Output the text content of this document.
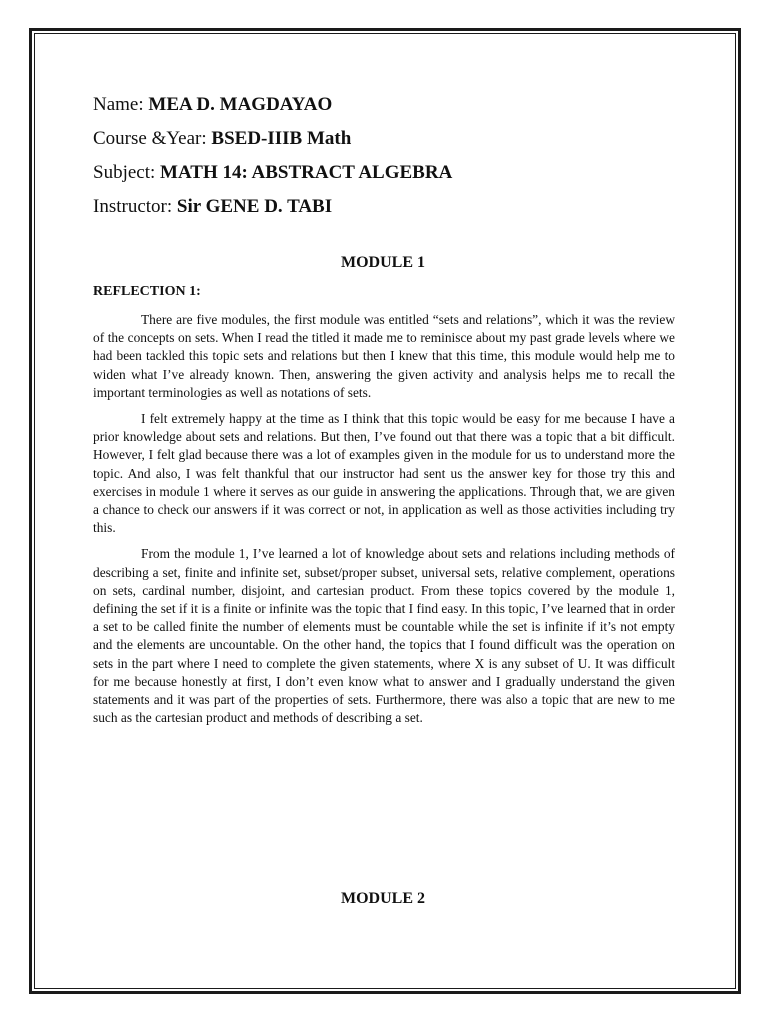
Name: MEA D. MAGDAYAO
Course &Year: BSED-IIIB Math
Subject: MATH 14: ABSTRACT ALGEBRA
Instructor: Sir GENE D. TABI
MODULE 1
REFLECTION 1:

There are five modules, the first module was entitled “sets and relations”, which it was the review of the concepts on sets. When I read the titled it made me to reminisce about my past grade levels where we had been tackled this topic sets and relations but then I knew that this time, this module would help me to widen what I’ve already known. Then, answering the given activity and analysis helps me to recall the important terminologies as well as notations of sets.

I felt extremely happy at the time as I think that this topic would be easy for me because I have a prior knowledge about sets and relations. But then, I’ve found out that there was a topic that a bit difficult. However, I felt glad because there was a lot of examples given in the module for us to understand more the topic. And also, I was felt thankful that our instructor had sent us the answer key for those try this and exercises in module 1 where it serves as our guide in answering the applications. Through that, we are given a chance to check our answers if it was correct or not, in application as well as those activities including try this.

From the module 1, I’ve learned a lot of knowledge about sets and relations including methods of describing a set, finite and infinite set, subset/proper subset, universal sets, relative complement, operations on sets, cardinal number, disjoint, and cartesian product. From these topics covered by the module 1, defining the set if it is a finite or infinite was the topic that I find easy. In this topic, I’ve learned that in order a set to be called finite the number of elements must be countable while the set is infinite if it’s not empty and the elements are uncountable. On the other hand, the topics that I found difficult was the operation on sets in the part where I need to complete the given statements, where X is any subset of U. It was difficult for me because honestly at first, I don’t even know what to answer and I gradually understand the given statements and it was part of the properties of sets. Furthermore, there was also a topic that are new to me such as the cartesian product and methods of describing a set.

MODULE 2
